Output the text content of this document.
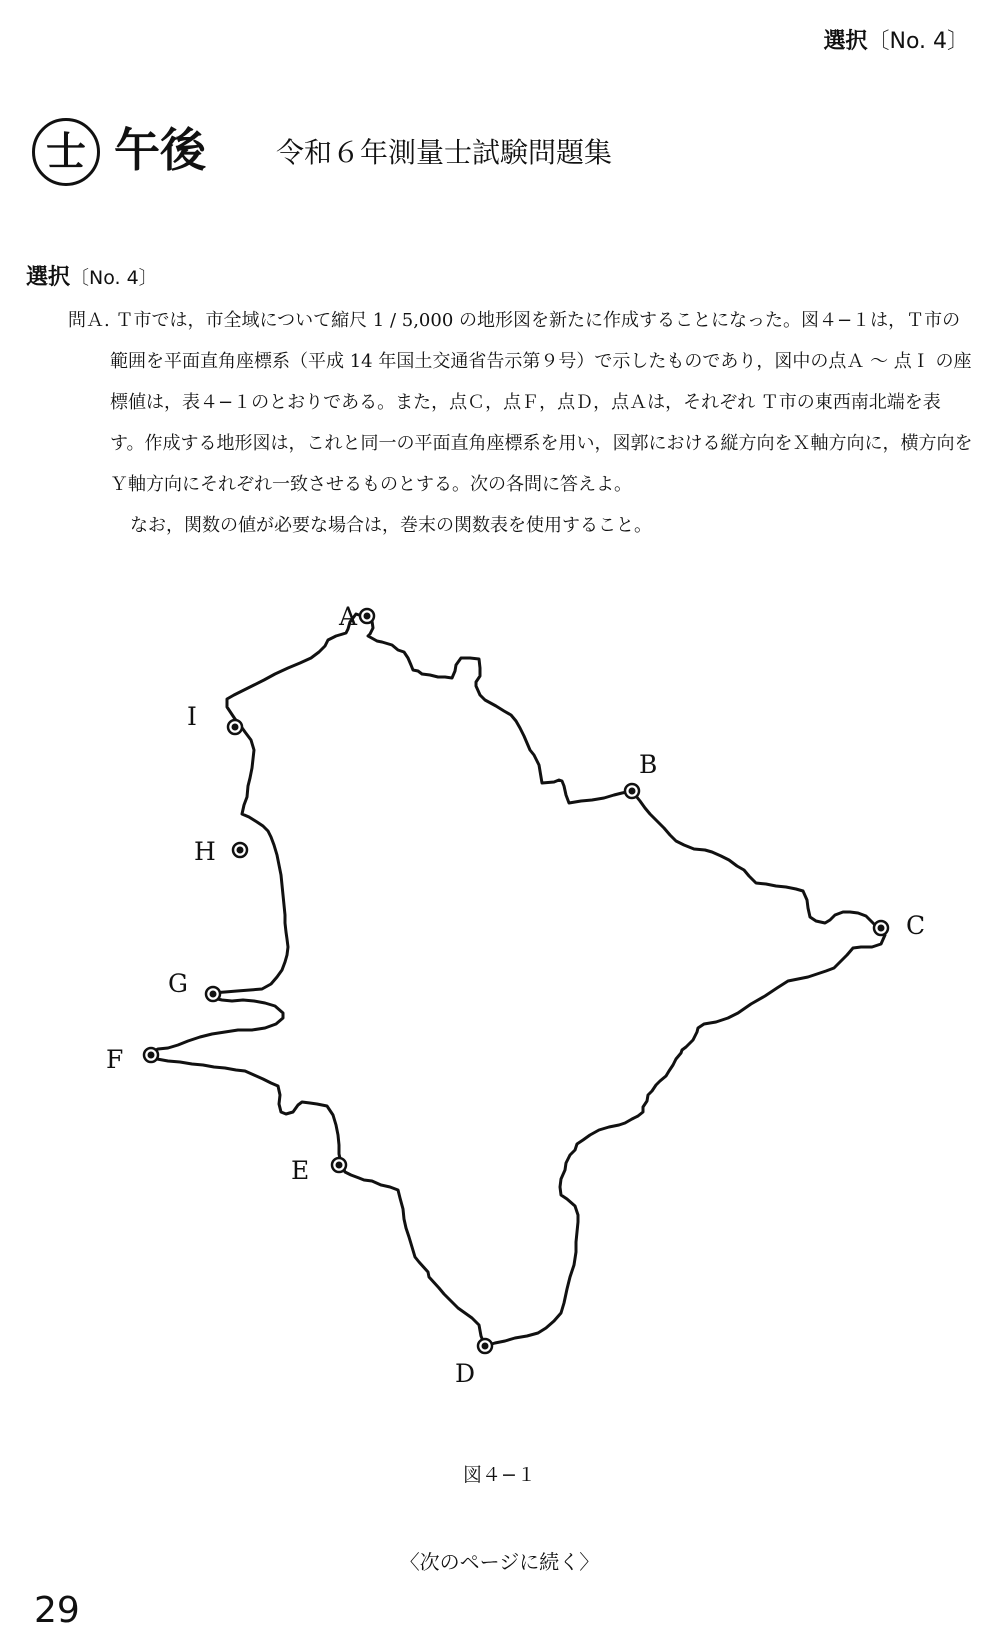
選択〔No. 4〕
士 午後	令和６年測量士試験問題集
選択〔No. 4〕

問Ａ. Ｔ市では，市全域について縮尺 1 / 5,000 の地形図を新たに作成することになった。図４−１は，Ｔ市の範囲を平面直角座標系（平成 14 年国土交通省告示第９号）で示したものであり，図中の点Ａ ～ 点Ｉ の座標値は，表４−１のとおりである。また，点Ｃ，点Ｆ，点Ｄ，点Ａは，それぞれ Ｔ市の東西南北端を表す。作成する地形図は，これと同一の平面直角座標系を用い，図郭における縦方向をＸ軸方向に，横方向をＹ軸方向にそれぞれ一致させるものとする。次の各問に答えよ。

なお，関数の値が必要な場合は，巻末の関数表を使用すること。

A
B
C
D
E
F
G
H
I
図４−１
〈次のページに続く〉
29
